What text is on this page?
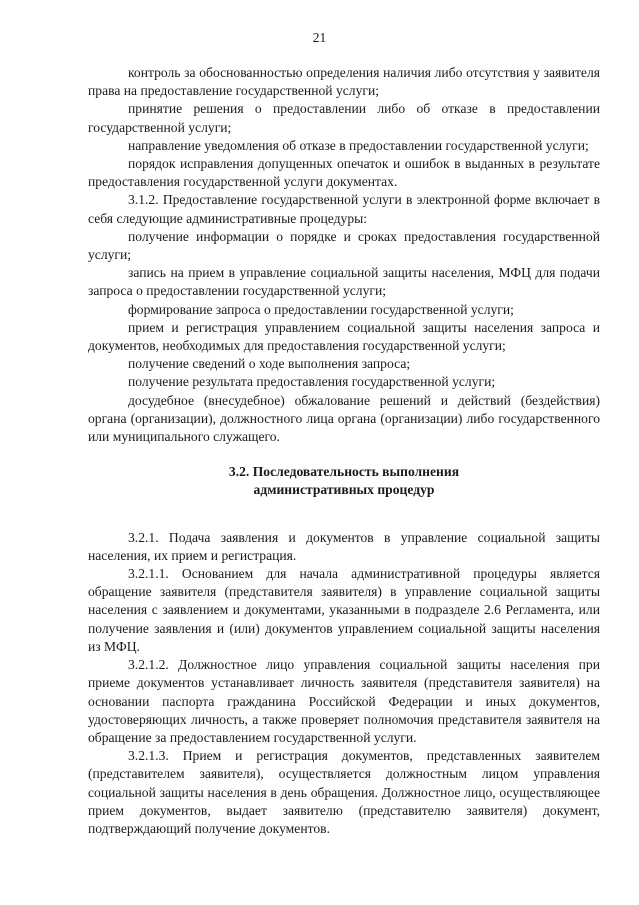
21

контроль за обоснованностью определения наличия либо отсутствия у заявителя права на предоставление государственной услуги;

принятие решения о предоставлении либо об отказе в предоставлении государственной услуги;

направление уведомления об отказе в предоставлении государственной услуги;

порядок исправления допущенных опечаток и ошибок в выданных в результате предоставления государственной услуги документах.

3.1.2. Предоставление государственной услуги в электронной форме включает в себя следующие административные процедуры:

получение информации о порядке и сроках предоставления государственной услуги;

запись на прием в управление социальной защиты населения, МФЦ для подачи запроса о предоставлении государственной услуги;

формирование запроса о предоставлении государственной услуги;

прием и регистрация управлением социальной защиты населения запроса и документов, необходимых для предоставления государственной услуги;

получение сведений о ходе выполнения запроса;

получение результата предоставления государственной услуги;

досудебное (внесудебное) обжалование решений и действий (бездействия) органа (организации), должностного лица органа (организации) либо государственного или муниципального служащего.

3.2. Последовательность выполнения
административных процедур

3.2.1. Подача заявления и документов в управление социальной защиты населения, их прием и регистрация.

3.2.1.1. Основанием для начала административной процедуры является обращение заявителя (представителя заявителя) в управление социальной защиты населения с заявлением и документами, указанными в подразделе 2.6 Регламента, или получение заявления и (или) документов управлением социальной защиты населения из МФЦ.

3.2.1.2. Должностное лицо управления социальной защиты населения при приеме документов устанавливает личность заявителя (представителя заявителя) на основании паспорта гражданина Российской Федерации и иных документов, удостоверяющих личность, а также проверяет полномочия представителя заявителя на обращение за предоставлением государственной услуги.

3.2.1.3. Прием и регистрация документов, представленных заявителем (представителем заявителя), осуществляется должностным лицом управления социальной защиты населения в день обращения. Должностное лицо, осуществляющее прием документов, выдает заявителю (представителю заявителя) документ, подтверждающий получение документов.
